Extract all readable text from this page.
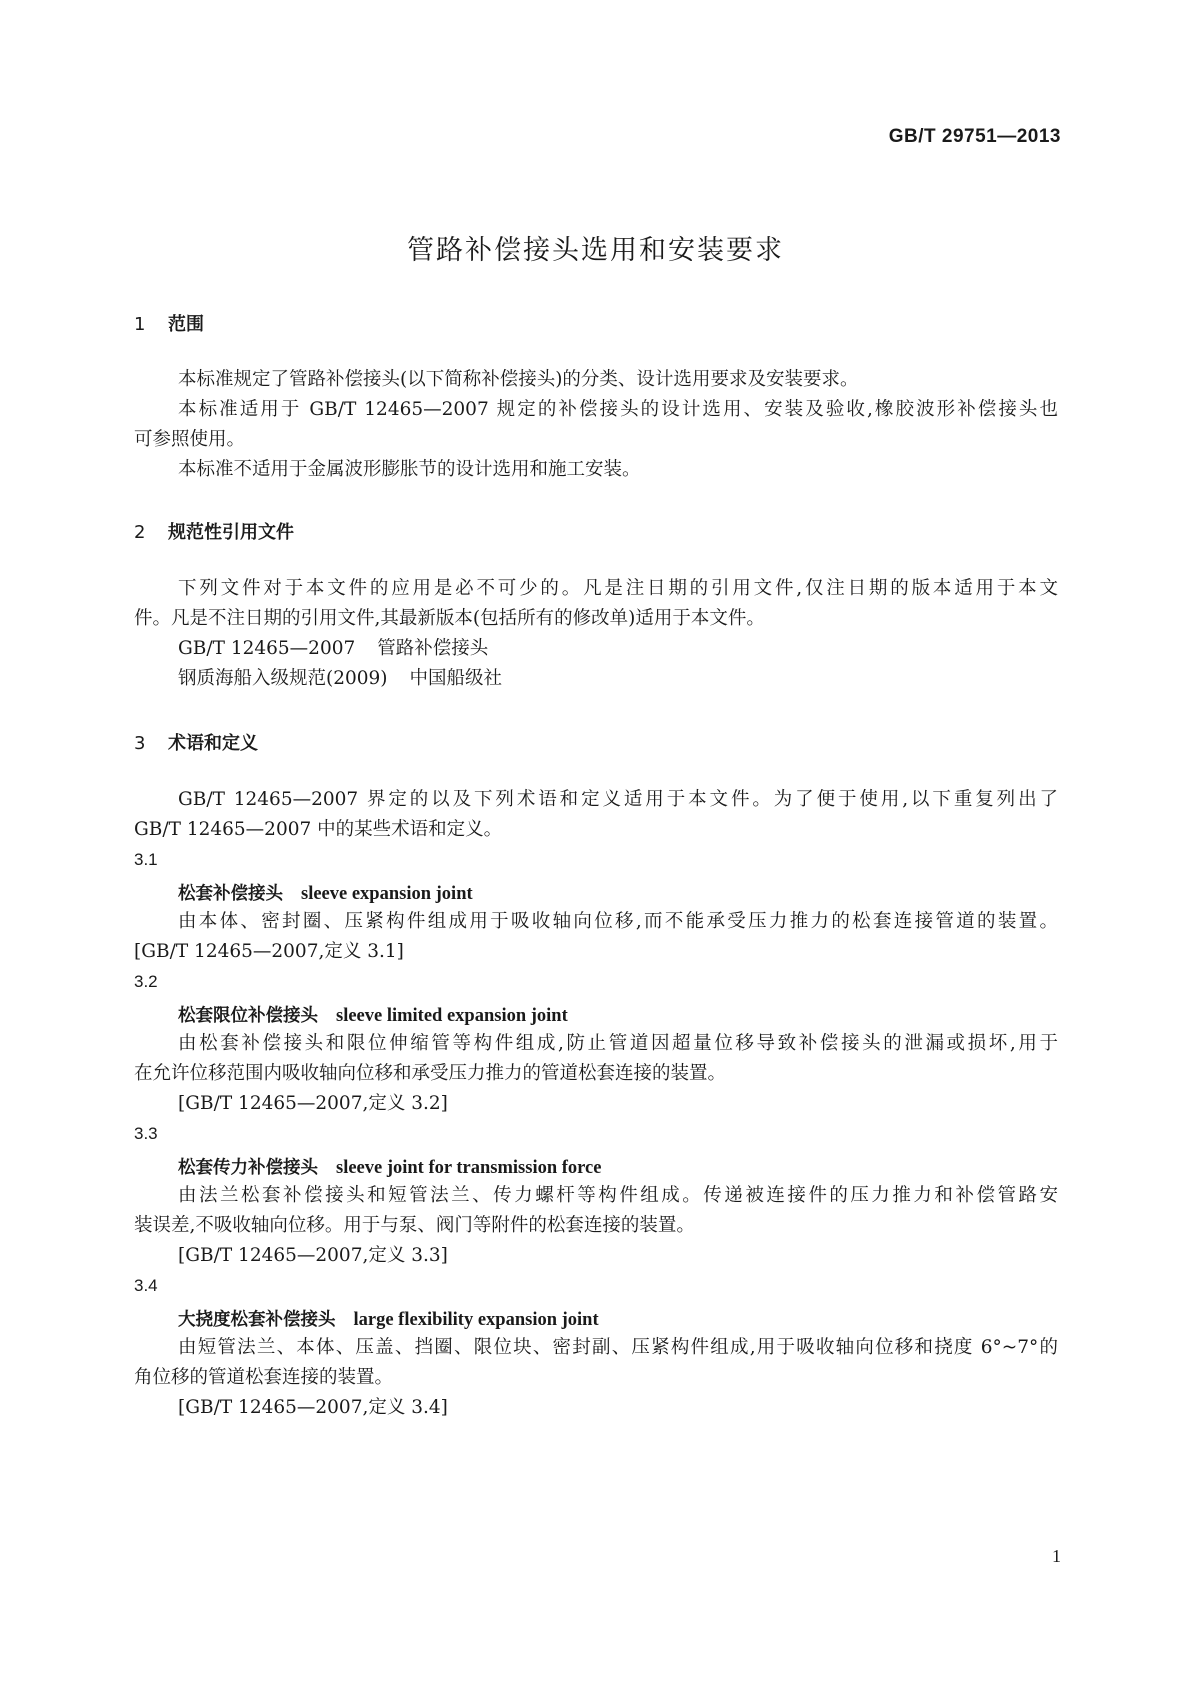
GB/T 29751—2013
管路补偿接头选用和安装要求
1 范围
本标准规定了管路补偿接头(以下简称补偿接头)的分类、设计选用要求及安装要求。
本标准适用于 GB/T 12465—2007 规定的补偿接头的设计选用、安装及验收,橡胶波形补偿接头也
可参照使用。
本标准不适用于金属波形膨胀节的设计选用和施工安装。
2 规范性引用文件
下列文件对于本文件的应用是必不可少的。凡是注日期的引用文件,仅注日期的版本适用于本文
件。凡是不注日期的引用文件,其最新版本(包括所有的修改单)适用于本文件。
GB/T 12465—2007 管路补偿接头
钢质海船入级规范(2009) 中国船级社
3 术语和定义
GB/T 12465—2007 界定的以及下列术语和定义适用于本文件。为了便于使用,以下重复列出了
GB/T 12465—2007 中的某些术语和定义。
3.1
松套补偿接头 sleeve expansion joint
由本体、密封圈、压紧构件组成用于吸收轴向位移,而不能承受压力推力的松套连接管道的装置。
[GB/T 12465—2007,定义 3.1]
3.2
松套限位补偿接头 sleeve limited expansion joint
由松套补偿接头和限位伸缩管等构件组成,防止管道因超量位移导致补偿接头的泄漏或损坏,用于
在允许位移范围内吸收轴向位移和承受压力推力的管道松套连接的装置。
[GB/T 12465—2007,定义 3.2]
3.3
松套传力补偿接头 sleeve joint for transmission force
由法兰松套补偿接头和短管法兰、传力螺杆等构件组成。传递被连接件的压力推力和补偿管路安
装误差,不吸收轴向位移。用于与泵、阀门等附件的松套连接的装置。
[GB/T 12465—2007,定义 3.3]
3.4
大挠度松套补偿接头 large flexibility expansion joint
由短管法兰、本体、压盖、挡圈、限位块、密封副、压紧构件组成,用于吸收轴向位移和挠度 6°~7°的
角位移的管道松套连接的装置。
[GB/T 12465—2007,定义 3.4]
1
